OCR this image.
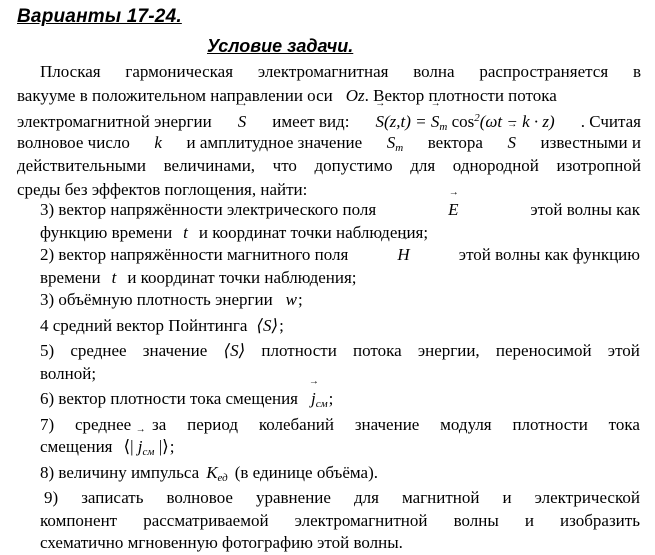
Варианты 17-24.
Условие задачи.
Плоская гармоническая электромагнитная волна распространяется в
вакууме в положительном направлении оси Oz . Вектор плотности потока
электромагнитной энергии → S имеет вид: → S(z,t) = → $S_m$ $\cos^2(\omega t - k \cdot z)$ . Считая
волновое число k и амплитудное значение $S_m$ вектора → S известными и
действительными величинами, что допустимо для однородной изотропной
среды без эффектов поглощения, найти:
3) вектор напряжённости электрического поля	→ E	этой волны как
функцию времени t и координат точки наблюдения;
2) вектор напряжённости магнитного поля	→ H	этой волны как функцию
времени t и координат точки наблюдения;
3) объёмную плотность энергии w ;
4 средний вектор Пойнтинга ⟨S⟩ ;
5) среднее значение ⟨S⟩ плотности потока энергии, переносимой этой
волной;
6) вектор плотности тока смещения → $j_{см}$ ;
7) среднее за период колебаний значение модуля плотности тока
смещения ⟨| → $j_{см}$ |⟩ ;
8) величину импульса $K_{ед}$ (в единице объёма).
9) записать волновое уравнение для магнитной и электрической
компонент рассматриваемой электромагнитной волны и изобразить
схематично мгновенную фотографию этой волны.
